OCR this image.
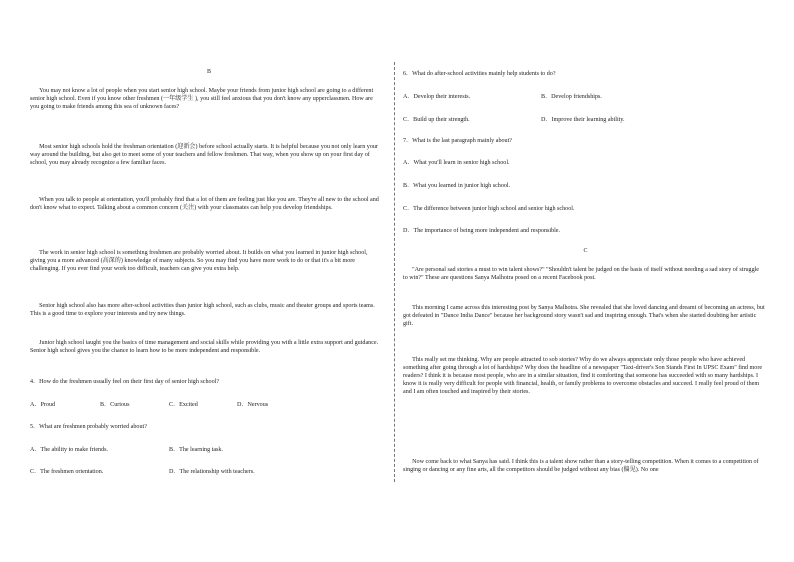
B

You may not know a lot of people when you start senior high school. Maybe your friends from junior high school are going to a different senior high school. Even if you know other freshmen (一年级学生 ), you still feel anxious that you don't know any upperclassmen. How are you going to make friends among this sea of unknown faces?

Most senior high schools hold the freshman orientation (迎新会) before school actually starts. It is helpful because you not only learn your way around the building, but also get to meet some of your teachers and fellow freshmen. That way, when you show up on your first day of school, you may already recognize a few familiar faces.

When you talk to people at orientation, you'll probably find that a lot of them are feeling just like you are. They're all new to the school and don't know what to expect. Talking about a common concern (关注) with your classmates can help you develop friendships.

The work in senior high school is something freshmen are probably worried about. It builds on what you learned in junior high school, giving you a more advanced (高深的) knowledge of many subjects. So you may find you have more work to do or that it's a bit more challenging. If you ever find your work too difficult, teachers can give you extra help.

Senior high school also has more after-school activities than junior high school, such as clubs, music and theater groups and sports teams. This is a good time to explore your interests and try new things.

Junior high school taught you the basics of time management and social skills while providing you with a little extra support and guidance. Senior high school gives you the chance to learn how to be more independent and responsible.

4．How do the freshmen usually feel on their first day of senior high school?

A．Proud	B．Curious	C．Excited	D．Nervous

5．What are freshmen probably worried about?

A．The ability to make friends.	B．The learning task.
C．The freshmen orientation.	D．The relationship with teachers.

6．What do after-school activities mainly help students to do?

A．Develop their interests.	B．Develop friendships.
C．Build up their strength.	D．Improve their learning ability.

7．What is the last paragraph mainly about?

A．What you'll learn in senior high school.
B．What you learned in junior high school.
C．The difference between junior high school and senior high school.
D．The importance of being more independent and responsible.
C

"Are personal sad stories a must to win talent shows?" "Shouldn't talent be judged on the basis of itself without needing a sad story of struggle to win?" These are questions Sanya Malhotra posed on a recent Facebook post.

This morning I came across this interesting post by Sanya Malhotra. She revealed that she loved dancing and dreamt of becoming an actress, but got defeated in "Dance India Dance" because her background story wasn't sad and inspiring enough. That's when she started doubting her artistic gift.

This really set me thinking. Why are people attracted to sob stories? Why do we always appreciate only those people who have achieved something after going through a lot of hardships? Why does the headline of a newspaper "Taxi-driver's Son Stands First In UPSC Exam" find more readers? I think it is because most people, who are in a similar situation, find it comforting that someone has succeeded with so many hardships. I know it is really very difficult for people with financial, health, or family problems to overcome obstacles and succeed. I really feel proud of them and I am often touched and inspired by their stories.

Now come back to what Sanya has said. I think this is a talent show rather than a story-telling competition. When it comes to a competition of singing or dancing or any fine arts, all the competitors should be judged without any bias (偏见). No one
